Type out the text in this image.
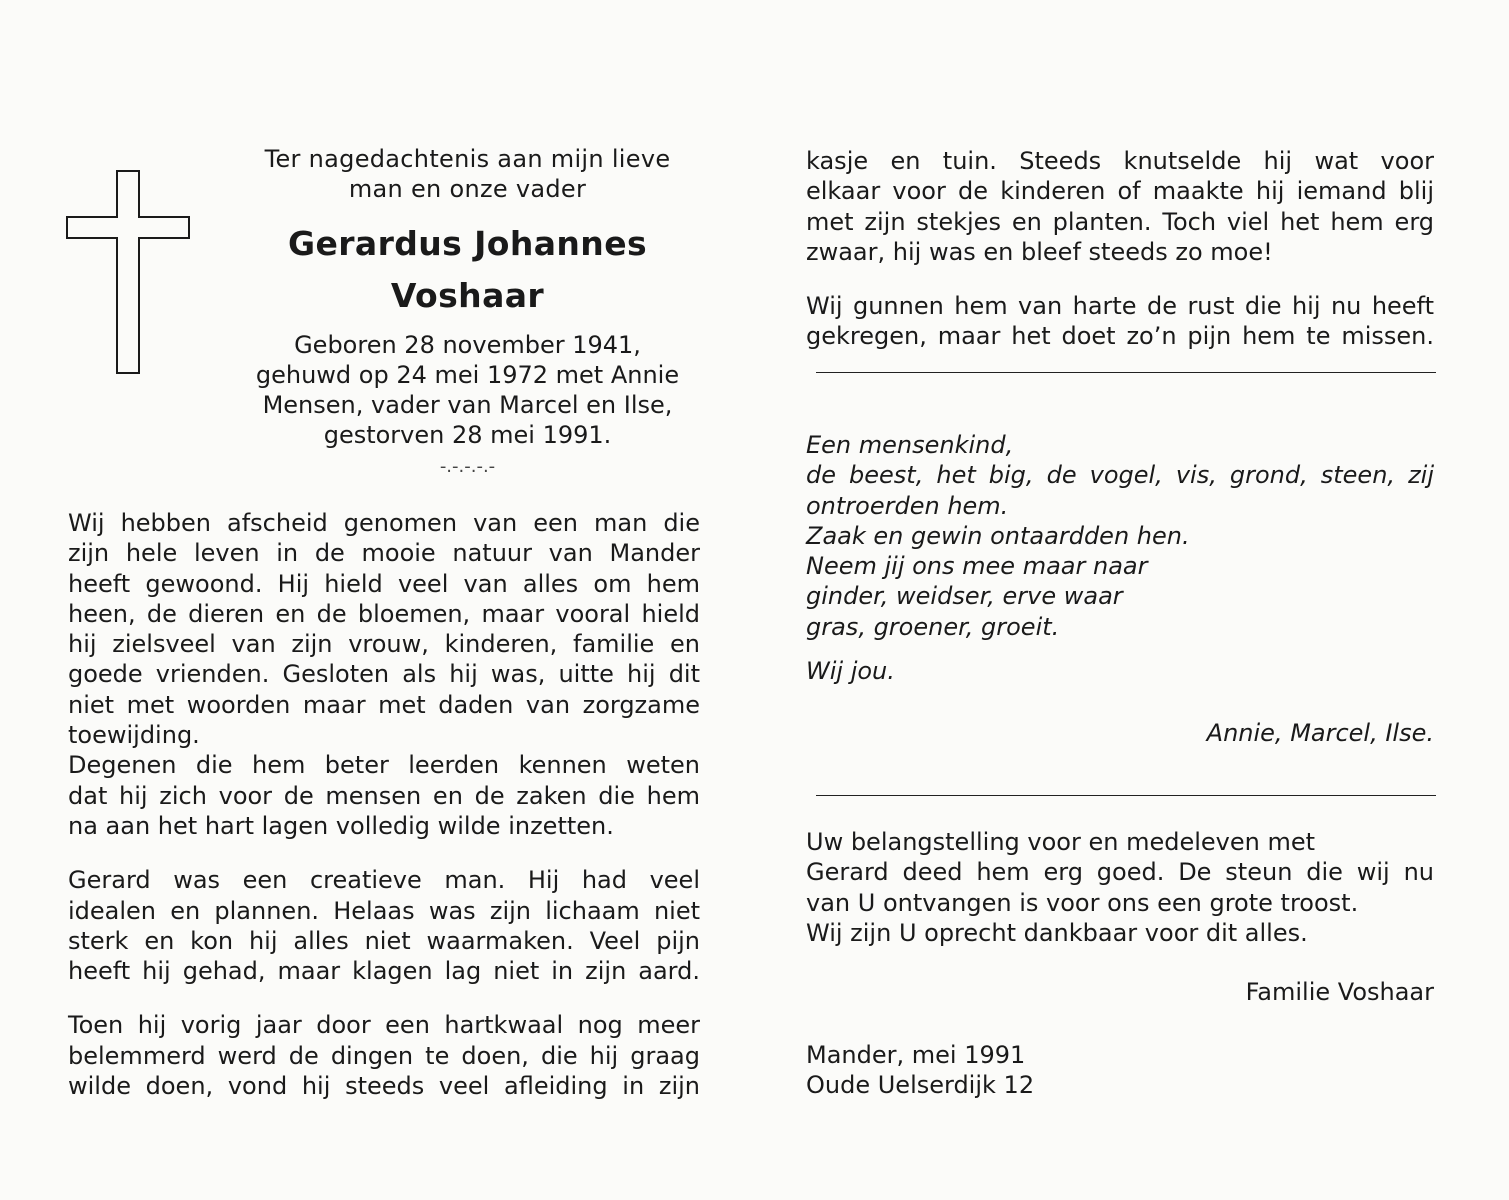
Ter nagedachtenis aan mijn lieve
man en onze vader
Gerardus Johannes
Voshaar
Geboren 28 november 1941,
gehuwd op 24 mei 1972 met Annie
Mensen, vader van Marcel en Ilse,
gestorven 28 mei 1991.
-.-.-.-.-

Wij hebben afscheid genomen van een man die
zijn hele leven in de mooie natuur van Mander
heeft gewoond. Hij hield veel van alles om hem
heen, de dieren en de bloemen, maar vooral hield
hij zielsveel van zijn vrouw, kinderen, familie en
goede vrienden. Gesloten als hij was, uitte hij dit
niet met woorden maar met daden van zorgzame
toewijding.

Degenen die hem beter leerden kennen weten
dat hij zich voor de mensen en de zaken die hem
na aan het hart lagen volledig wilde inzetten.

Gerard was een creatieve man. Hij had veel
idealen en plannen. Helaas was zijn lichaam niet
sterk en kon hij alles niet waarmaken. Veel pijn
heeft hij gehad, maar klagen lag niet in zijn aard.

Toen hij vorig jaar door een hartkwaal nog meer
belemmerd werd de dingen te doen, die hij graag
wilde doen, vond hij steeds veel afleiding in zijn

kasje en tuin. Steeds knutselde hij wat voor
elkaar voor de kinderen of maakte hij iemand blij
met zijn stekjes en planten. Toch viel het hem erg
zwaar, hij was en bleef steeds zo moe!

Wij gunnen hem van harte de rust die hij nu heeft
gekregen, maar het doet zo’n pijn hem te missen.

Een mensenkind,
de beest, het big, de vogel, vis, grond, steen, zij
ontroerden hem.
Zaak en gewin ontaardden hen.
Neem jij ons mee maar naar
ginder, weidser, erve waar
gras, groener, groeit.
Wij jou.
Annie, Marcel, Ilse.
Uw belangstelling voor en medeleven met
Gerard deed hem erg goed. De steun die wij nu
van U ontvangen is voor ons een grote troost.
Wij zijn U oprecht dankbaar voor dit alles.
Familie Voshaar
Mander, mei 1991
Oude Uelserdijk 12
